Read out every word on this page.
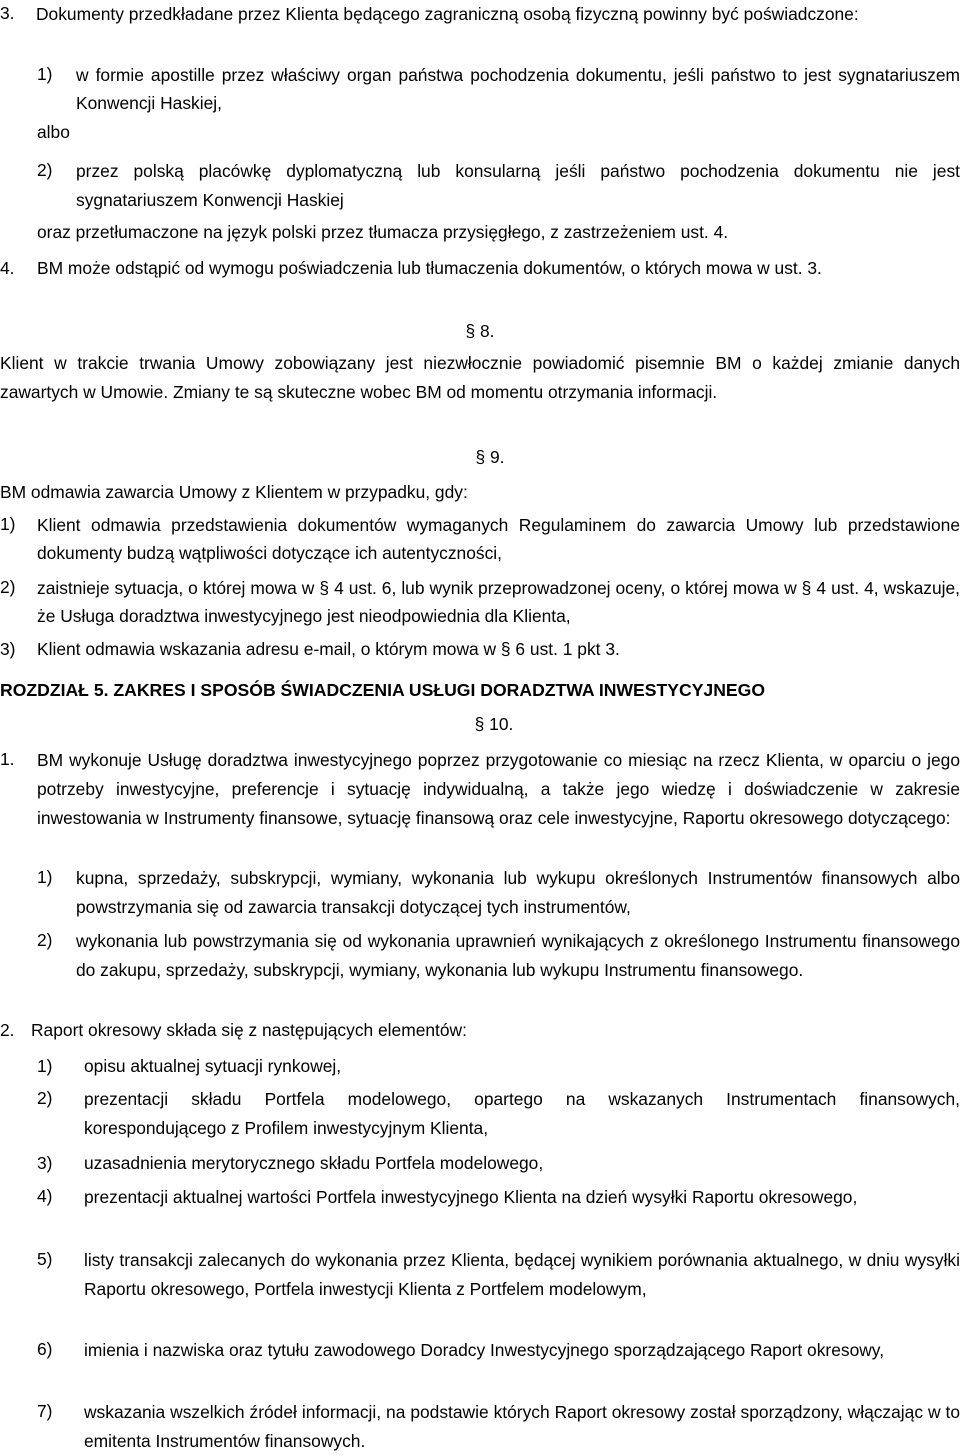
3. Dokumenty przedkładane przez Klienta będącego zagraniczną osobą fizyczną powinny być poświadczone:
1) w formie apostille przez właściwy organ państwa pochodzenia dokumentu, jeśli państwo to jest sygnatariuszem Konwencji Haskiej,
albo
2) przez polską placówkę dyplomatyczną lub konsularną jeśli państwo pochodzenia dokumentu nie jest sygnatariuszem Konwencji Haskiej
oraz przetłumaczone na język polski przez tłumacza przysięgłego, z zastrzeżeniem ust. 4.
4. BM może odstąpić od wymogu poświadczenia lub tłumaczenia dokumentów, o których mowa w ust. 3.
§ 8.
Klient w trakcie trwania Umowy zobowiązany jest niezwłocznie powiadomić pisemnie BM o każdej zmianie danych zawartych w Umowie. Zmiany te są skuteczne wobec BM od momentu otrzymania informacji.
§ 9.
BM odmawia zawarcia Umowy z Klientem w przypadku, gdy:
1) Klient odmawia przedstawienia dokumentów wymaganych Regulaminem do zawarcia Umowy lub przedstawione dokumenty budzą wątpliwości dotyczące ich autentyczności,
2) zaistnieje sytuacja, o której mowa w § 4 ust. 6, lub wynik przeprowadzonej oceny, o której mowa w § 4 ust. 4, wskazuje, że Usługa doradztwa inwestycyjnego jest nieodpowiednia dla Klienta,
3) Klient odmawia wskazania adresu e-mail, o którym mowa w § 6 ust. 1 pkt 3.
ROZDZIAŁ 5. ZAKRES I SPOSÓB ŚWIADCZENIA USŁUGI DORADZTWA INWESTYCYJNEGO
§ 10.
1. BM wykonuje Usługę doradztwa inwestycyjnego poprzez przygotowanie co miesiąc na rzecz Klienta, w oparciu o jego potrzeby inwestycyjne, preferencje i sytuację indywidualną, a także jego wiedzę i doświadczenie w zakresie inwestowania w Instrumenty finansowe, sytuację finansową oraz cele inwestycyjne, Raportu okresowego dotyczącego:
1) kupna, sprzedaży, subskrypcji, wymiany, wykonania lub wykupu określonych Instrumentów finansowych albo powstrzymania się od zawarcia transakcji dotyczącej tych instrumentów,
2) wykonania lub powstrzymania się od wykonania uprawnień wynikających z określonego Instrumentu finansowego do zakupu, sprzedaży, subskrypcji, wymiany, wykonania lub wykupu Instrumentu finansowego.
2. Raport okresowy składa się z następujących elementów:
1) opisu aktualnej sytuacji rynkowej,
2) prezentacji składu Portfela modelowego, opartego na wskazanych Instrumentach finansowych, korespondującego z Profilem inwestycyjnym Klienta,
3) uzasadnienia merytorycznego składu Portfela modelowego,
4) prezentacji aktualnej wartości Portfela inwestycyjnego Klienta na dzień wysyłki Raportu okresowego,
5) listy transakcji zalecanych do wykonania przez Klienta, będącej wynikiem porównania aktualnego, w dniu wysyłki Raportu okresowego, Portfela inwestycji Klienta z Portfelem modelowym,
6) imienia i nazwiska oraz tytułu zawodowego Doradcy Inwestycyjnego sporządzającego Raport okresowy,
7) wskazania wszelkich źródeł informacji, na podstawie których Raport okresowy został sporządzony, włączając w to emitenta Instrumentów finansowych.
